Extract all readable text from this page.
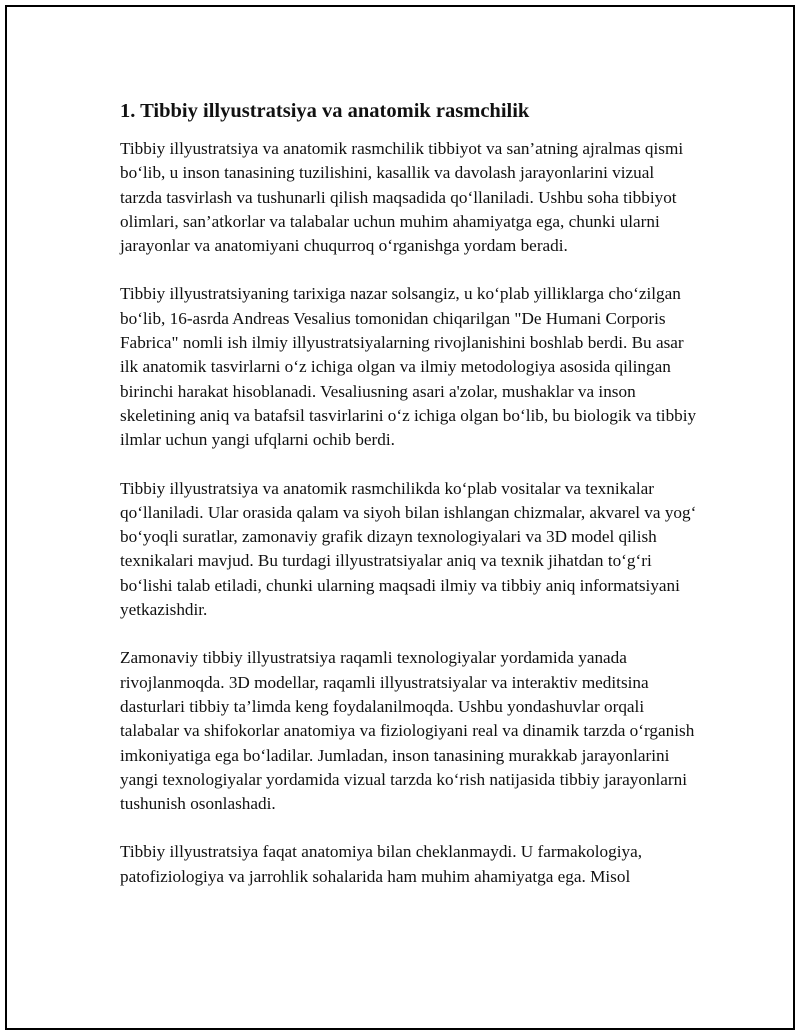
1. Tibbiy illyustratsiya va anatomik rasmchilik

Tibbiy illyustratsiya va anatomik rasmchilik tibbiyot va san’atning ajralmas qismi bo‘lib, u inson tanasining tuzilishini, kasallik va davolash jarayonlarini vizual tarzda tasvirlash va tushunarli qilish maqsadida qo‘llaniladi. Ushbu soha tibbiyot olimlari, san’atkorlar va talabalar uchun muhim ahamiyatga ega, chunki ularni jarayonlar va anatomiyani chuqurroq o‘rganishga yordam beradi.

Tibbiy illyustratsiyaning tarixiga nazar solsangiz, u ko‘plab yilliklarga cho‘zilgan bo‘lib, 16-asrda Andreas Vesalius tomonidan chiqarilgan "De Humani Corporis Fabrica" nomli ish ilmiy illyustratsiyalarning rivojlanishini boshlab berdi. Bu asar ilk anatomik tasvirlarni o‘z ichiga olgan va ilmiy metodologiya asosida qilingan birinchi harakat hisoblanadi. Vesaliusning asari a'zolar, mushaklar va inson skeletining aniq va batafsil tasvirlarini o‘z ichiga olgan bo‘lib, bu biologik va tibbiy ilmlar uchun yangi ufqlarni ochib berdi.

Tibbiy illyustratsiya va anatomik rasmchilikda ko‘plab vositalar va texnikalar qo‘llaniladi. Ular orasida qalam va siyoh bilan ishlangan chizmalar, akvarel va yog‘ bo‘yoqli suratlar, zamonaviy grafik dizayn texnologiyalari va 3D model qilish texnikalari mavjud. Bu turdagi illyustratsiyalar aniq va texnik jihatdan to‘g‘ri bo‘lishi talab etiladi, chunki ularning maqsadi ilmiy va tibbiy aniq informatsiyani yetkazishdir.

Zamonaviy tibbiy illyustratsiya raqamli texnologiyalar yordamida yanada rivojlanmoqda. 3D modellar, raqamli illyustratsiyalar va interaktiv meditsina dasturlari tibbiy ta’limda keng foydalanilmoqda. Ushbu yondashuvlar orqali talabalar va shifokorlar anatomiya va fiziologiyani real va dinamik tarzda o‘rganish imkoniyatiga ega bo‘ladilar. Jumladan, inson tanasining murakkab jarayonlarini yangi texnologiyalar yordamida vizual tarzda ko‘rish natijasida tibbiy jarayonlarni tushunish osonlashadi.

Tibbiy illyustratsiya faqat anatomiya bilan cheklanmaydi. U farmakologiya, patofiziologiya va jarrohlik sohalarida ham muhim ahamiyatga ega. Misol
